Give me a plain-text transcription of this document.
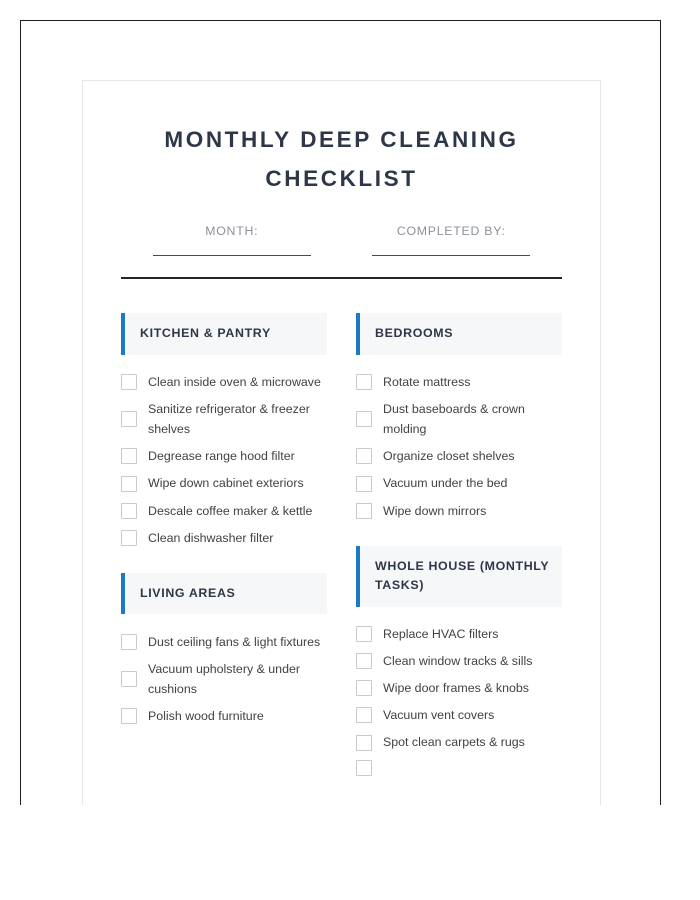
MONTHLY DEEP CLEANING CHECKLIST
MONTH:	COMPLETED BY:
KITCHEN & PANTRY
Clean inside oven & microwave
Sanitize refrigerator & freezer shelves
Degrease range hood filter
Wipe down cabinet exteriors
Descale coffee maker & kettle
Clean dishwasher filter
LIVING AREAS
Dust ceiling fans & light fixtures
Vacuum upholstery & under cushions
Polish wood furniture
BEDROOMS
Rotate mattress
Dust baseboards & crown molding
Organize closet shelves
Vacuum under the bed
Wipe down mirrors
WHOLE HOUSE (MONTHLY TASKS)
Replace HVAC filters
Clean window tracks & sills
Wipe door frames & knobs
Vacuum vent covers
Spot clean carpets & rugs
